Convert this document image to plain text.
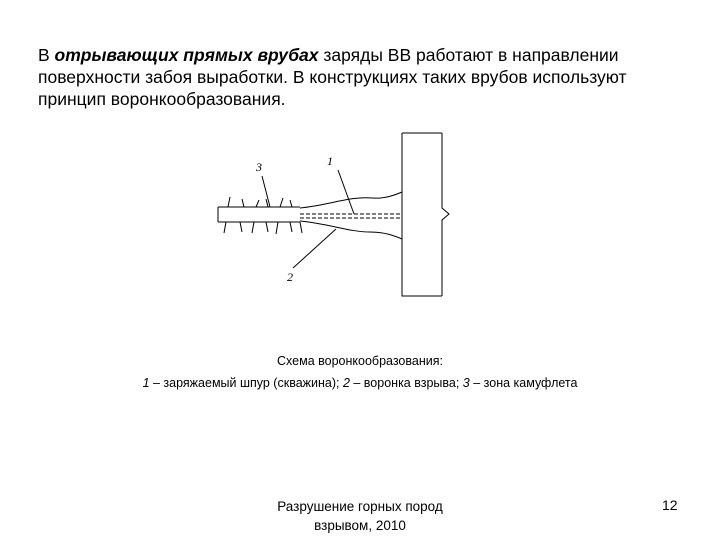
В отрывающих прямых врубах заряды ВВ работают в направлении поверхности забоя выработки. В конструкциях таких врубов используют принцип воронкообразования.
1
2
3
Схема воронкообразования:
1 – заряжаемый шпур (скважина); 2 – воронка взрыва; 3 – зона камуфлета
Разрушение горных пород
взрывом, 2010
12
